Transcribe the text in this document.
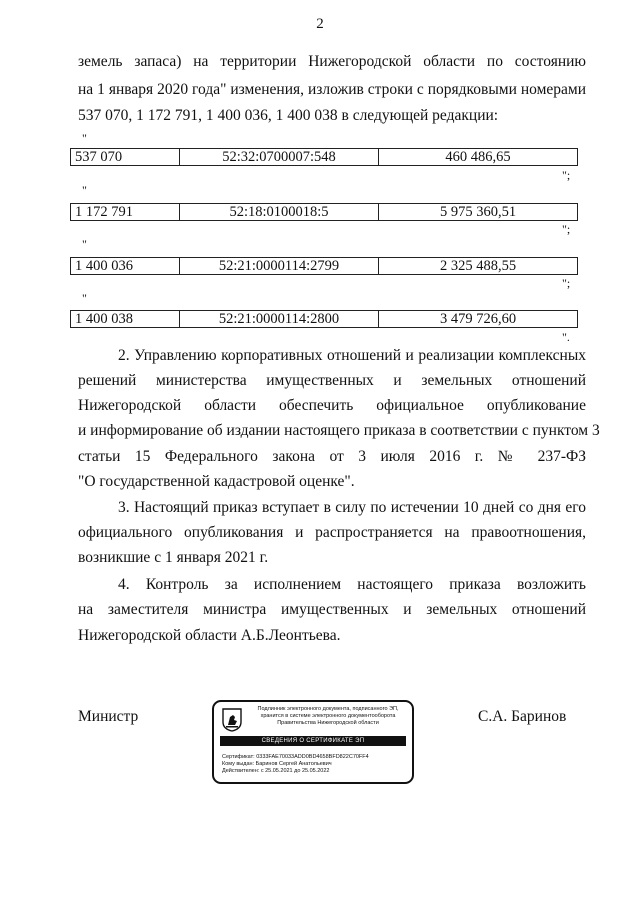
2
земель запаса) на территории Нижегородской области по состоянию
на 1 января 2020 года" изменения, изложив строки с порядковыми номерами
537 070, 1 172 791, 1 400 036, 1 400 038 в следующей редакции:
"
537 070	52:32:0700007:548	460 486,65
";
"
1 172 791	52:18:0100018:5	5 975 360,51
";
"
1 400 036	52:21:0000114:2799	2 325 488,55
";
"
1 400 038	52:21:0000114:2800	3 479 726,60
".
2. Управлению корпоративных отношений и реализации комплексных
решений министерства имущественных и земельных отношений
Нижегородской области обеспечить официальное опубликование
и информирование об издании настоящего приказа в соответствии с пунктом 3
статьи 15 Федерального закона от 3 июля 2016 г. № 237-ФЗ
"О государственной кадастровой оценке".
3. Настоящий приказ вступает в силу по истечении 10 дней со дня его
официального опубликования и распространяется на правоотношения,
возникшие с 1 января 2021 г.
4. Контроль за исполнением настоящего приказа возложить
на заместителя министра имущественных и земельных отношений
Нижегородской области А.Б.Леонтьева.
Министр	С.А. Баринов
Подлинник электронного документа, подписанного ЭП,
хранится в системе электронного документооборота
Правительства Нижегородской области
СВЕДЕНИЯ О СЕРТИФИКАТЕ ЭП
Сертификат: 0333FAE70033ADD0BD4658BFD822C70FF4
Кому выдан: Баринов Сергей Анатольевич
Действителен: с 25.05.2021 до 25.05.2022
